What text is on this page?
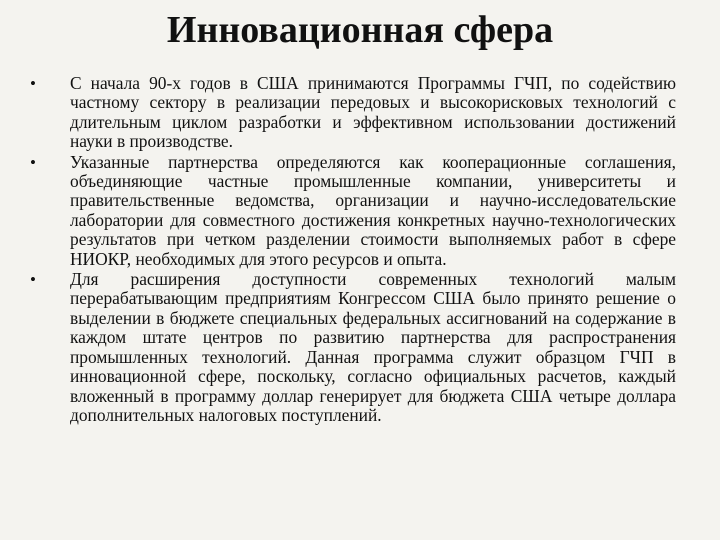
Инновационная сфера
•	С начала 90-х годов в США принимаются Программы ГЧП, по содействию частному сектору в реализации передовых и высокорисковых технологий с длительным циклом разработки и эффективном использовании достижений науки в производстве.
•	Указанные партнерства определяются как кооперационные соглашения, объединяющие частные промышленные компании, университеты и правительственные ведомства, организации и научно-исследовательские лаборатории для совместного достижения конкретных научно-технологических результатов при четком разделении стоимости выполняемых работ в сфере НИОКР, необходимых для этого ресурсов и опыта.
•	Для расширения доступности современных технологий малым перерабатывающим предприятиям Конгрессом США было принято решение о выделении в бюджете специальных федеральных ассигнований на содержание в каждом штате центров по развитию партнерства для распространения промышленных технологий. Данная программа служит образцом ГЧП в инновационной сфере, поскольку, согласно официальных расчетов, каждый вложенный в программу доллар генерирует для бюджета США четыре доллара дополнительных налоговых поступлений.
